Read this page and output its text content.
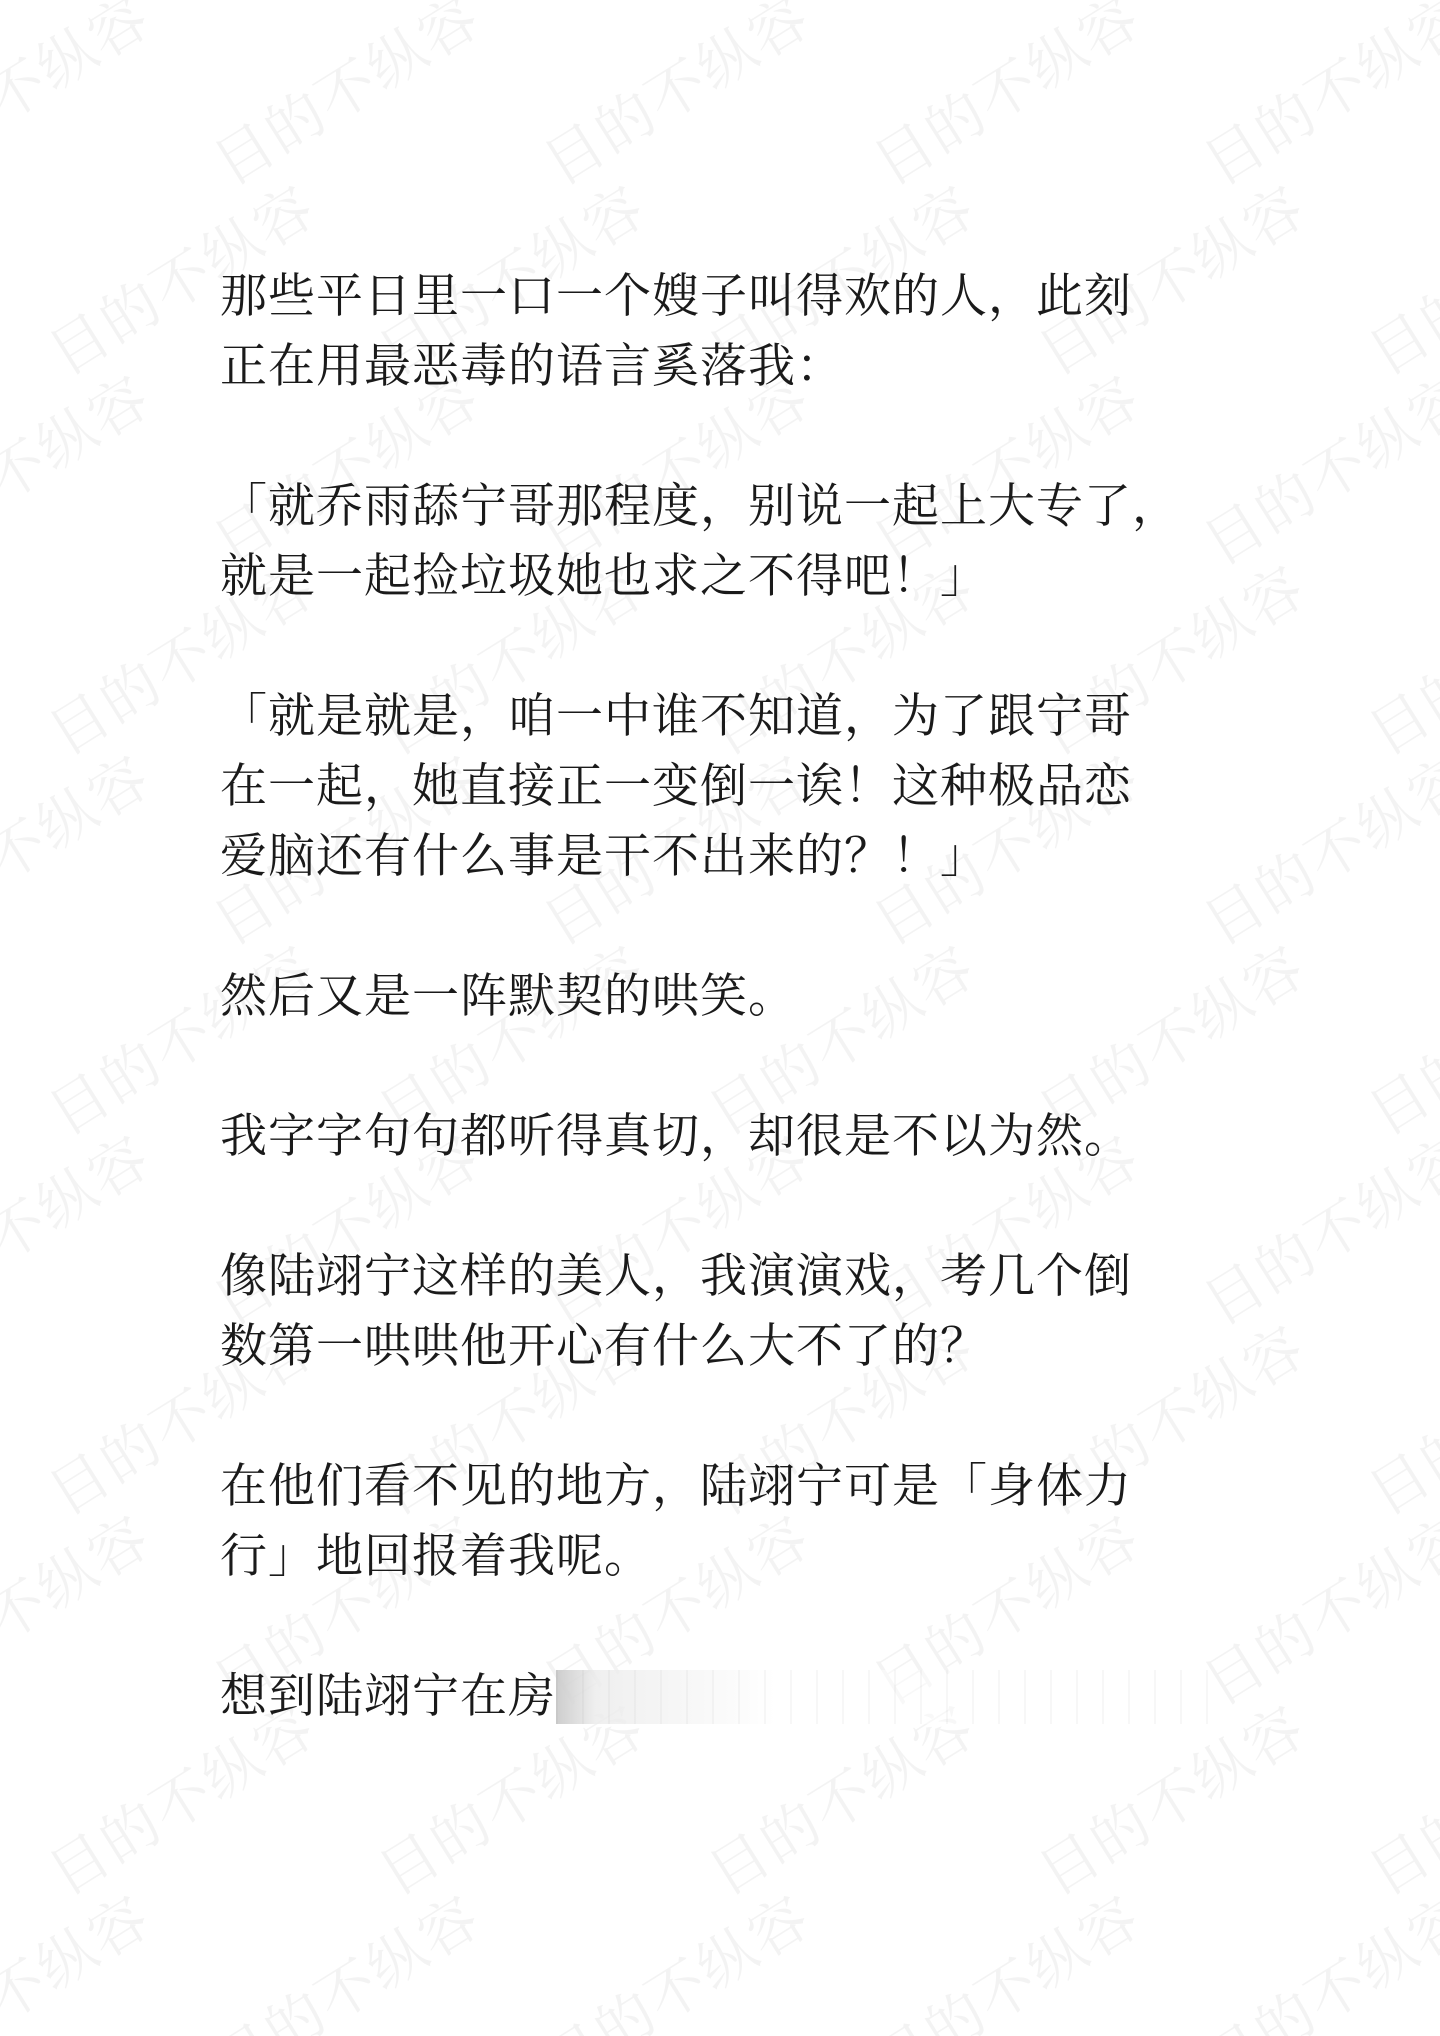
那些平日里一口一个嫂子叫得欢的人，此刻
正在用最恶毒的语言奚落我：

「就乔雨舔宁哥那程度，别说一起上大专了，
就是一起捡垃圾她也求之不得吧！」

「就是就是，咱一中谁不知道，为了跟宁哥
在一起，她直接正一变倒一诶！这种极品恋
爱脑还有什么事是干不出来的？！」

然后又是一阵默契的哄笑。

我字字句句都听得真切，却很是不以为然。

像陆翊宁这样的美人，我演演戏，考几个倒
数第一哄哄他开心有什么大不了的？

在他们看不见的地方，陆翊宁可是「身体力
行」地回报着我呢。

想到陆翊宁在房
